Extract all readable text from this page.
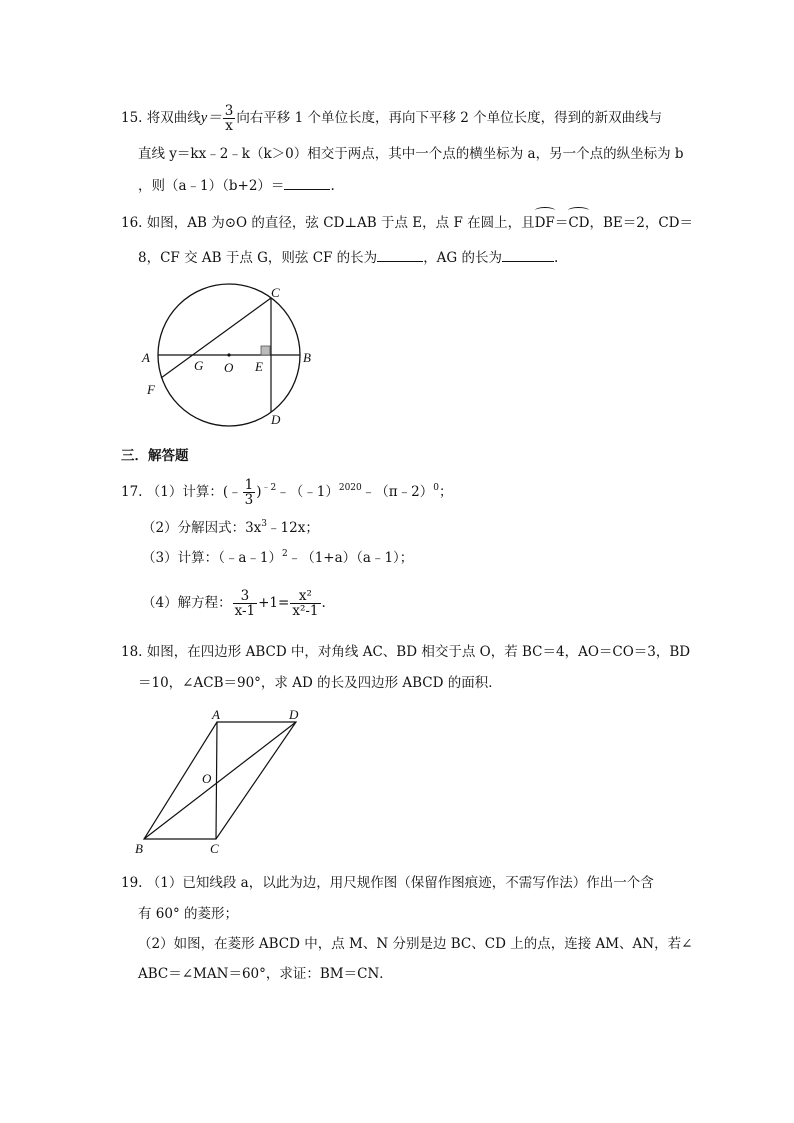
15. 将双曲线$y= \frac{3}{x}$ 向右平移 1 个单位长度，再向下平移 2 个单位长度，得到的新双曲线与
直线 y＝kx﹣2﹣k（k＞0）相交于两点，其中一个点的横坐标为 a，另一个点的纵坐标为 b
，则（a﹣1）（b+2）＝	.
16. 如图，AB 为⊙O 的直径，弦 CD⊥AB 于点 E，点 F 在圆上，且DF＝CD，BE＝2，CD＝
8，CF 交 AB 于点 G，则弦 CF 的长为	，AG 的长为	.
A	B
C
D
E
F
G O
三．解答题
17. （1）计算：(﹣ $\frac{1}{3}$ )$^{﹣2}$﹣（﹣1）$^{2020}$﹣（π﹣2）$^0$；
（2）分解因式：$3x^3﹣12x$；
（3）计算：（﹣a﹣1）$^2$﹣（1+a）（a﹣1）；
（4）解方程： $\frac{3}{x-1} +1= \frac{\text{x²}}{\text{x²-1}}$ .
18. 如图，在四边形 ABCD 中，对角线 AC、BD 相交于点 O，若 BC＝4，AO＝CO＝3，BD
＝10，∠ACB＝90°，求 AD 的长及四边形 ABCD 的面积．
A	D
B	C
O
19. （1）已知线段 a，以此为边，用尺规作图（保留作图痕迹，不需写作法）作出一个含
有 60° 的菱形；
（2）如图，在菱形 ABCD 中，点 M、N 分别是边 BC、CD 上的点，连接 AM、AN，若∠
ABC＝∠MAN＝60°，求证：BM＝CN．
